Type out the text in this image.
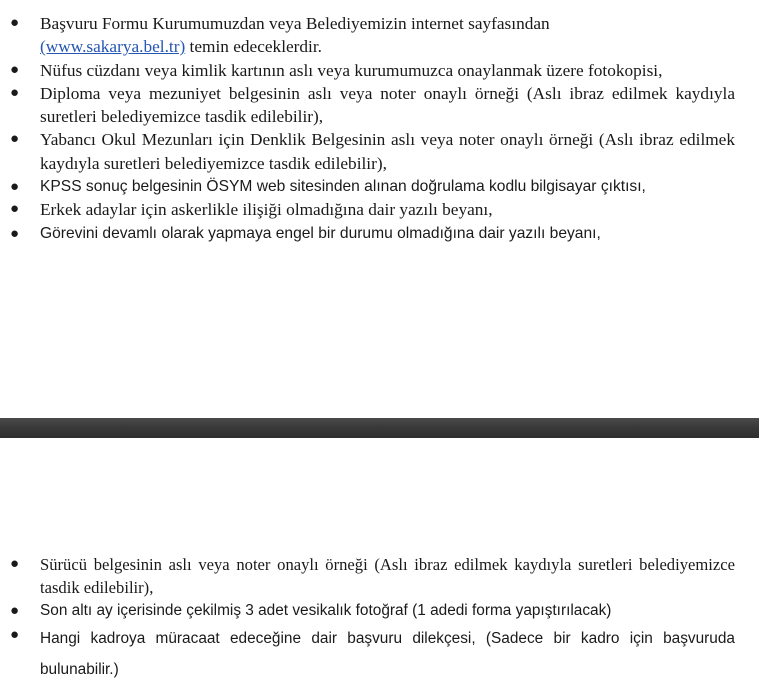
● Başvuru Formu Kurumumuzdan veya Belediyemizin internet sayfasından
(www.sakarya.bel.tr) temin edeceklerdir.
● Nüfus cüzdanı veya kimlik kartının aslı veya kurumumuzca onaylanmak üzere fotokopisi,
● Diploma veya mezuniyet belgesinin aslı veya noter onaylı örneği (Aslı ibraz edilmek kaydıyla suretleri belediyemizce tasdik edilebilir),
● Yabancı Okul Mezunları için Denklik Belgesinin aslı veya noter onaylı örneği (Aslı ibraz edilmek kaydıyla suretleri belediyemizce tasdik edilebilir),
● KPSS sonuç belgesinin ÖSYM web sitesinden alınan doğrulama kodlu bilgisayar çıktısı,
● Erkek adaylar için askerlikle ilişiği olmadığına dair yazılı beyanı,
● Görevini devamlı olarak yapmaya engel bir durumu olmadığına dair yazılı beyanı,
● Sürücü belgesinin aslı veya noter onaylı örneği (Aslı ibraz edilmek kaydıyla suretleri belediyemizce tasdik edilebilir),
● Son altı ay içerisinde çekilmiş 3 adet vesikalık fotoğraf (1 adedi forma yapıştırılacak)
● Hangi kadroya müracaat edeceğine dair başvuru dilekçesi, (Sadece bir kadro için başvuruda bulunabilir.)
